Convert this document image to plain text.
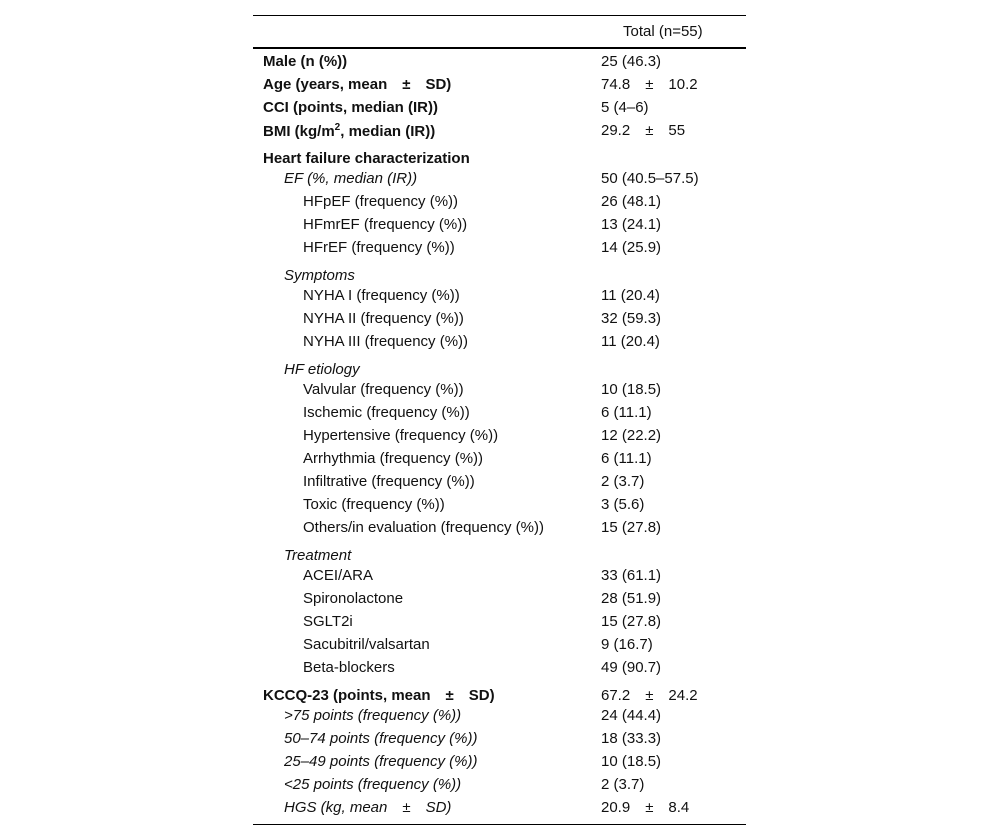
Total (n=55)
Male (n (%))	25 (46.3)
Age (years, mean ± SD)	74.8 ± 10.2
CCI (points, median (IR))	5 (4–6)
BMI ($kg/m^2$, median (IR))	29.2 ± 55
Heart failure characterization
EF (%, median (IR))	50 (40.5–57.5)
HFpEF (frequency (%))	26 (48.1)
HFmrEF (frequency (%))	13 (24.1)
HFrEF (frequency (%))	14 (25.9)
Symptoms
NYHA I (frequency (%))	11 (20.4)
NYHA II (frequency (%))	32 (59.3)
NYHA III (frequency (%))	11 (20.4)
HF etiology
Valvular (frequency (%))	10 (18.5)
Ischemic (frequency (%))	6 (11.1)
Hypertensive (frequency (%))	12 (22.2)
Arrhythmia (frequency (%))	6 (11.1)
Infiltrative (frequency (%))	2 (3.7)
Toxic (frequency (%))	3 (5.6)
Others/in evaluation (frequency (%))	15 (27.8)
Treatment
ACEI/ARA	33 (61.1)
Spironolactone	28 (51.9)
SGLT2i	15 (27.8)
Sacubitril/valsartan	9 (16.7)
Beta-blockers	49 (90.7)
KCCQ-23 (points, mean ± SD)	67.2 ± 24.2
>75 points (frequency (%))	24 (44.4)
50–74 points (frequency (%))	18 (33.3)
25–49 points (frequency (%))	10 (18.5)
<25 points (frequency (%))	2 (3.7)
HGS (kg, mean ± SD)	20.9 ± 8.4
